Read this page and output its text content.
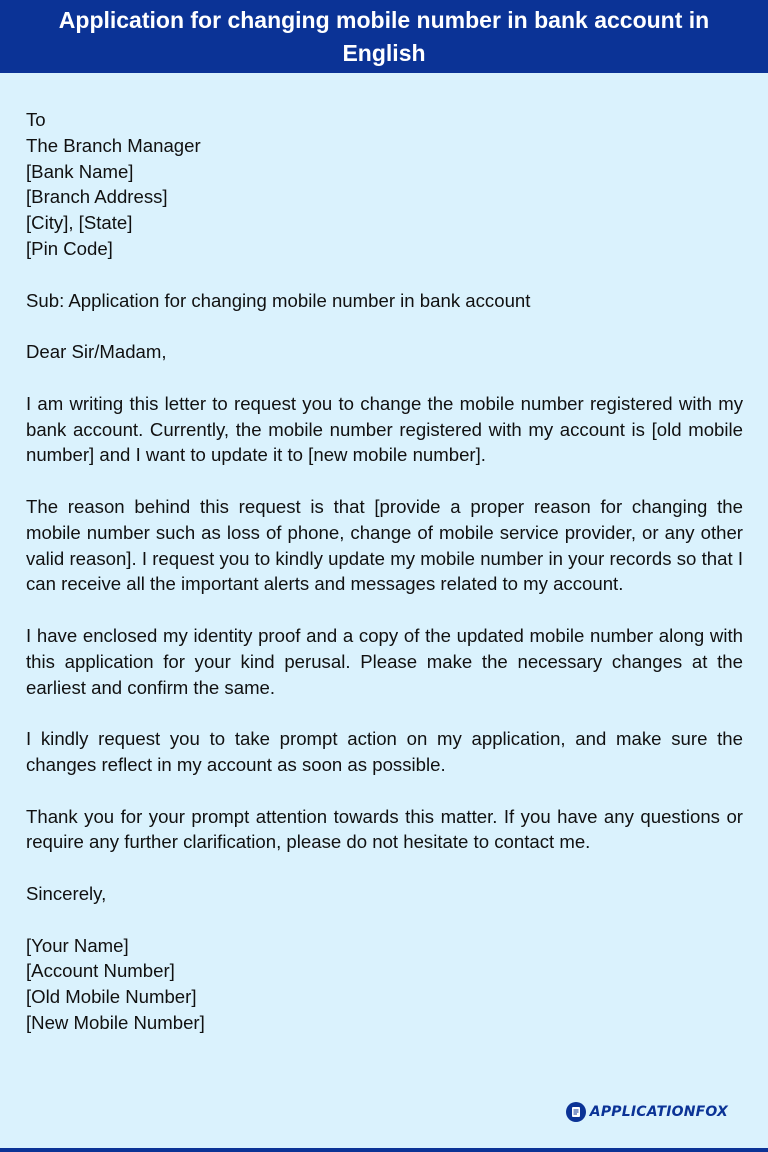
Application for changing mobile number in bank account in English
To
The Branch Manager
[Bank Name]
[Branch Address]
[City], [State]
[Pin Code]
Sub: Application for changing mobile number in bank account
Dear Sir/Madam,

I am writing this letter to request you to change the mobile number registered with my bank account. Currently, the mobile number registered with my account is [old mobile number] and I want to update it to [new mobile number].

The reason behind this request is that [provide a proper reason for changing the mobile number such as loss of phone, change of mobile service provider, or any other valid reason]. I request you to kindly update my mobile number in your records so that I can receive all the important alerts and messages related to my account.

I have enclosed my identity proof and a copy of the updated mobile number along with this application for your kind perusal. Please make the necessary changes at the earliest and confirm the same.

I kindly request you to take prompt action on my application, and make sure the changes reflect in my account as soon as possible.

Thank you for your prompt attention towards this matter. If you have any questions or require any further clarification, please do not hesitate to contact me.

Sincerely,
[Your Name]
[Account Number]
[Old Mobile Number]
[New Mobile Number]
APPLICATIONFOX
